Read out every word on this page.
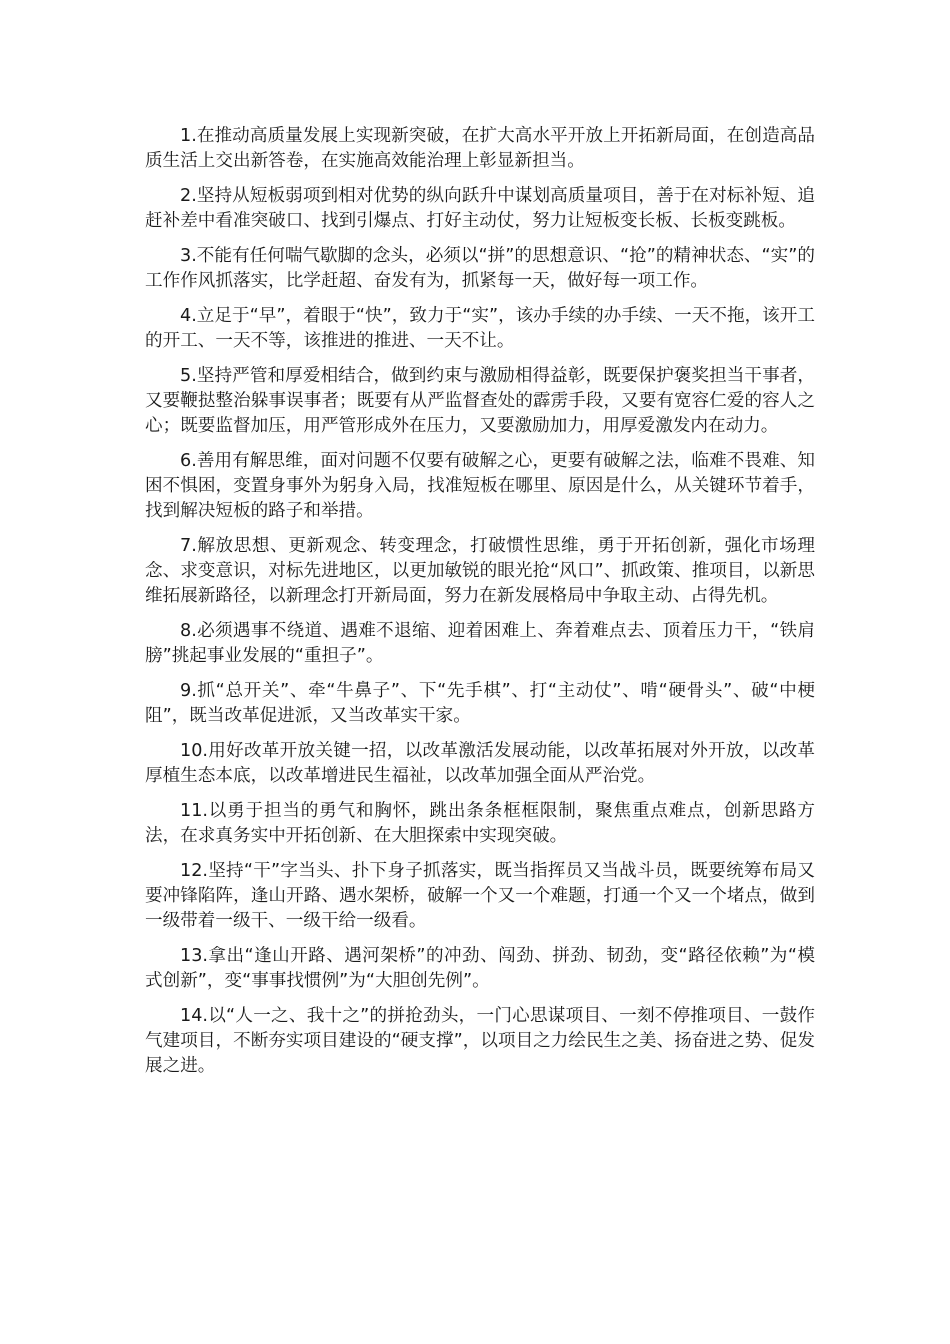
1.在推动高质量发展上实现新突破，在扩大高水平开放上开拓新局面，在创造高品质生活上交出新答卷，在实施高效能治理上彰显新担当。

2.坚持从短板弱项到相对优势的纵向跃升中谋划高质量项目，善于在对标补短、追赶补差中看准突破口、找到引爆点、打好主动仗，努力让短板变长板、长板变跳板。

3.不能有任何喘气歇脚的念头，必须以“拼”的思想意识、“抢”的精神状态、“实”的工作作风抓落实，比学赶超、奋发有为，抓紧每一天，做好每一项工作。

4.立足于“早”，着眼于“快”，致力于“实”，该办手续的办手续、一天不拖，该开工的开工、一天不等，该推进的推进、一天不让。

5.坚持严管和厚爱相结合，做到约束与激励相得益彰，既要保护褒奖担当干事者，又要鞭挞整治躲事误事者；既要有从严监督查处的霹雳手段，又要有宽容仁爱的容人之心；既要监督加压，用严管形成外在压力，又要激励加力，用厚爱激发内在动力。

6.善用有解思维，面对问题不仅要有破解之心，更要有破解之法，临难不畏难、知困不惧困，变置身事外为躬身入局，找准短板在哪里、原因是什么，从关键环节着手，找到解决短板的路子和举措。

7.解放思想、更新观念、转变理念，打破惯性思维，勇于开拓创新，强化市场理念、求变意识，对标先进地区，以更加敏锐的眼光抢“风口”、抓政策、推项目，以新思维拓展新路径，以新理念打开新局面，努力在新发展格局中争取主动、占得先机。

8.必须遇事不绕道、遇难不退缩、迎着困难上、奔着难点去、顶着压力干，“铁肩膀”挑起事业发展的“重担子”。

9.抓“总开关”、牵“牛鼻子”、下“先手棋”、打“主动仗”、啃“硬骨头”、破“中梗阻”，既当改革促进派，又当改革实干家。

10.用好改革开放关键一招，以改革激活发展动能，以改革拓展对外开放，以改革厚植生态本底，以改革增进民生福祉，以改革加强全面从严治党。

11.以勇于担当的勇气和胸怀，跳出条条框框限制，聚焦重点难点，创新思路方法，在求真务实中开拓创新、在大胆探索中实现突破。

12.坚持“干”字当头、扑下身子抓落实，既当指挥员又当战斗员，既要统筹布局又要冲锋陷阵，逢山开路、遇水架桥，破解一个又一个难题，打通一个又一个堵点，做到一级带着一级干、一级干给一级看。

13.拿出“逢山开路、遇河架桥”的冲劲、闯劲、拼劲、韧劲，变“路径依赖”为“模式创新”，变“事事找惯例”为“大胆创先例”。

14.以“人一之、我十之”的拼抢劲头，一门心思谋项目、一刻不停推项目、一鼓作气建项目，不断夯实项目建设的“硬支撑”，以项目之力绘民生之美、扬奋进之势、促发展之进。
